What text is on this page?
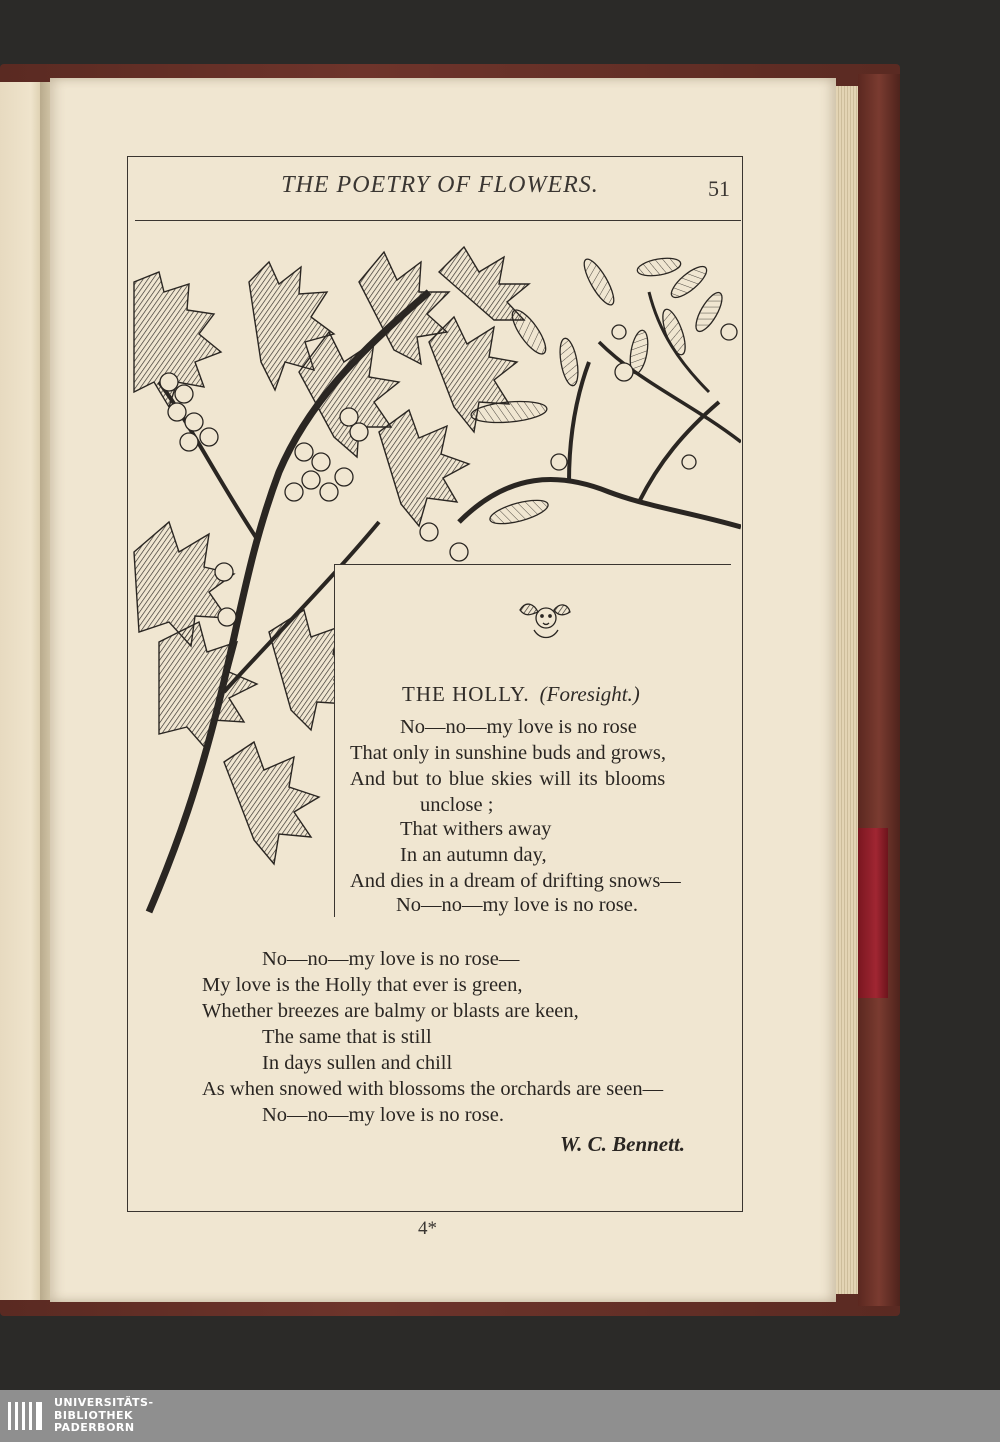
THE POETRY OF FLOWERS.	51
THE HOLLY. (Foresight.)
No—no—my love is no rose
That only in sunshine buds and grows,
And but to blue skies will its blooms
unclose ;
That withers away
In an autumn day,
And dies in a dream of drifting snows—
No—no—my love is no rose.
No—no—my love is no rose—
My love is the Holly that ever is green,
Whether breezes are balmy or blasts are keen,
The same that is still
In days sullen and chill
As when snowed with blossoms the orchards are seen—
No—no—my love is no rose.
W. C. Bennett.
4*
UNIVERSITÄTS-
BIBLIOTHEK
PADERBORN
